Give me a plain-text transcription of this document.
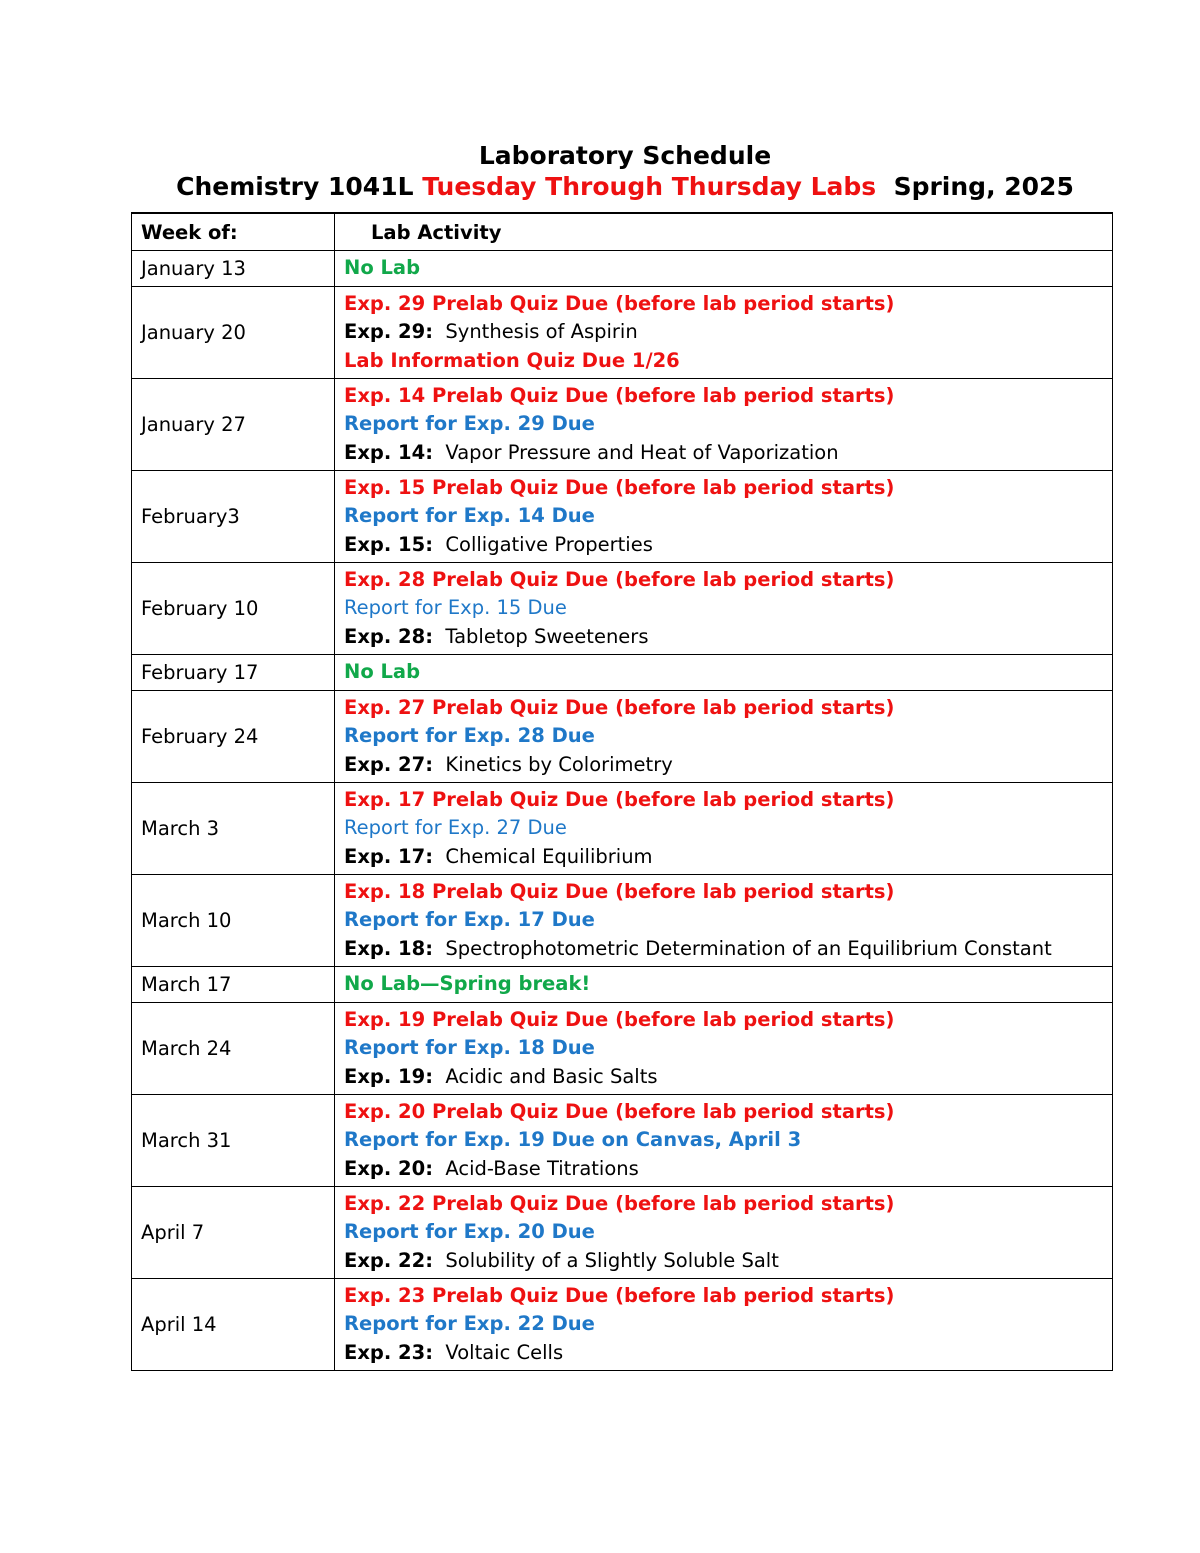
Laboratory Schedule
Chemistry 1041L Tuesday Through Thursday Labs Spring, 2025
Week of:	Lab Activity
January 13	No Lab

January 20	Exp. 29 Prelab Quiz Due (before lab period starts)
Exp. 29: Synthesis of Aspirin
Lab Information Quiz Due 1/26

January 27	Exp. 14 Prelab Quiz Due (before lab period starts)
Report for Exp. 29 Due
Exp. 14: Vapor Pressure and Heat of Vaporization

February3	Exp. 15 Prelab Quiz Due (before lab period starts)
Report for Exp. 14 Due
Exp. 15: Colligative Properties

February 10	Exp. 28 Prelab Quiz Due (before lab period starts)
Report for Exp. 15 Due
Exp. 28: Tabletop Sweeteners

February 17	No Lab

February 24	Exp. 27 Prelab Quiz Due (before lab period starts)
Report for Exp. 28 Due
Exp. 27: Kinetics by Colorimetry

March 3	Exp. 17 Prelab Quiz Due (before lab period starts)
Report for Exp. 27 Due
Exp. 17: Chemical Equilibrium

March 10	Exp. 18 Prelab Quiz Due (before lab period starts)
Report for Exp. 17 Due
Exp. 18: Spectrophotometric Determination of an Equilibrium Constant

March 17	No Lab—Spring break!

March 24	Exp. 19 Prelab Quiz Due (before lab period starts)
Report for Exp. 18 Due
Exp. 19: Acidic and Basic Salts

March 31	Exp. 20 Prelab Quiz Due (before lab period starts)
Report for Exp. 19 Due on Canvas, April 3
Exp. 20: Acid-Base Titrations

April 7	Exp. 22 Prelab Quiz Due (before lab period starts)
Report for Exp. 20 Due
Exp. 22: Solubility of a Slightly Soluble Salt

April 14	Exp. 23 Prelab Quiz Due (before lab period starts)
Report for Exp. 22 Due
Exp. 23: Voltaic Cells
